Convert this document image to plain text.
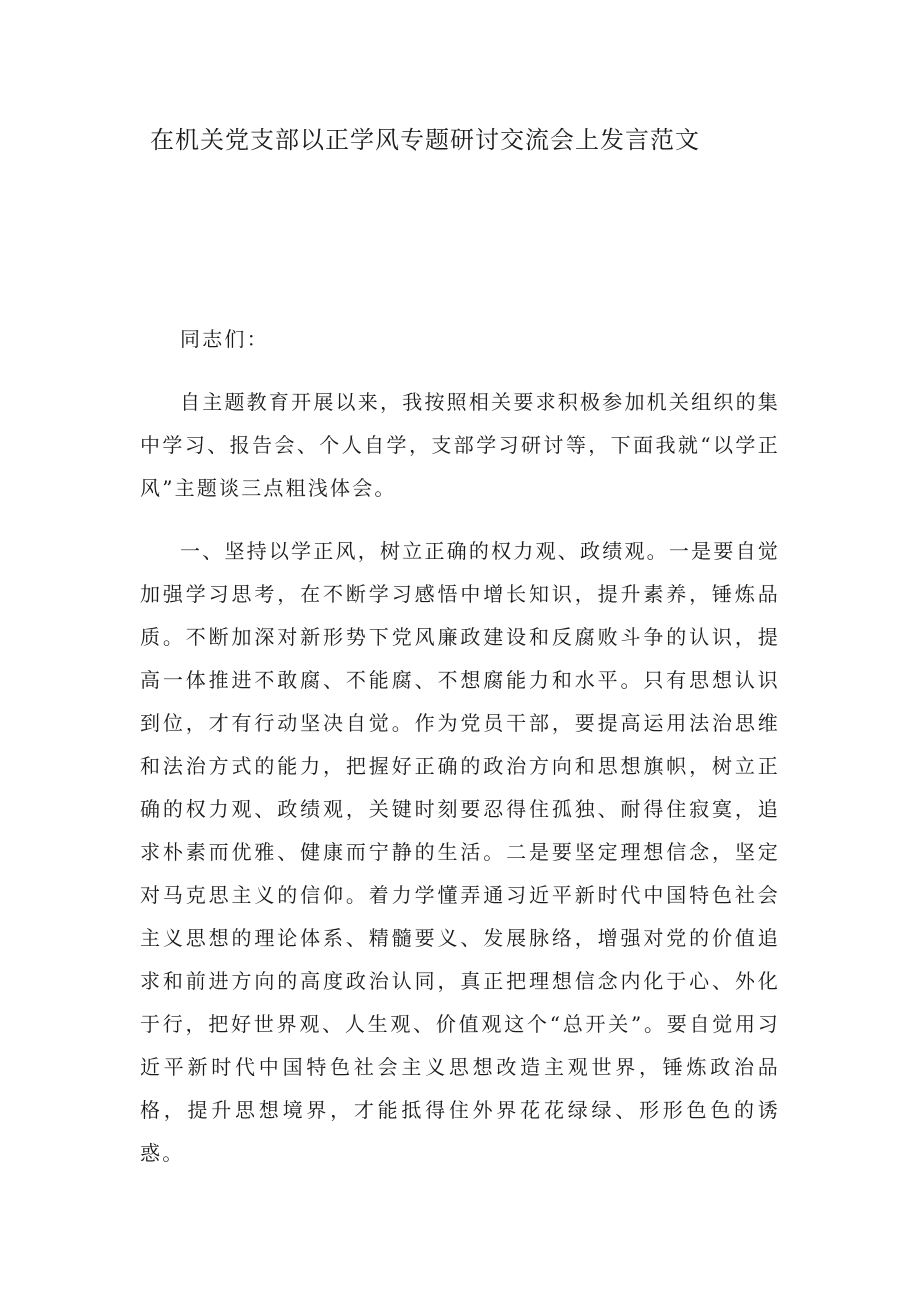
在机关党支部以正学风专题研讨交流会上发言范文

同志们：

自主题教育开展以来，我按照相关要求积极参加机关组织的集中学习、报告会、个人自学，支部学习研讨等，下面我就“以学正风”主题谈三点粗浅体会。

一、坚持以学正风，树立正确的权力观、政绩观。一是要自觉加强学习思考，在不断学习感悟中增长知识，提升素养，锤炼品质。不断加深对新形势下党风廉政建设和反腐败斗争的认识，提高一体推进不敢腐、不能腐、不想腐能力和水平。只有思想认识到位，才有行动坚决自觉。作为党员干部，要提高运用法治思维和法治方式的能力，把握好正确的政治方向和思想旗帜，树立正确的权力观、政绩观，关键时刻要忍得住孤独、耐得住寂寞，追求朴素而优雅、健康而宁静的生活。二是要坚定理想信念，坚定对马克思主义的信仰。着力学懂弄通习近平新时代中国特色社会主义思想的理论体系、精髓要义、发展脉络，增强对党的价值追求和前进方向的高度政治认同，真正把理想信念内化于心、外化于行，把好世界观、人生观、价值观这个“总开关”。要自觉用习近平新时代中国特色社会主义思想改造主观世界，锤炼政治品格，提升思想境界，才能抵得住外界花花绿绿、形形色色的诱惑。
